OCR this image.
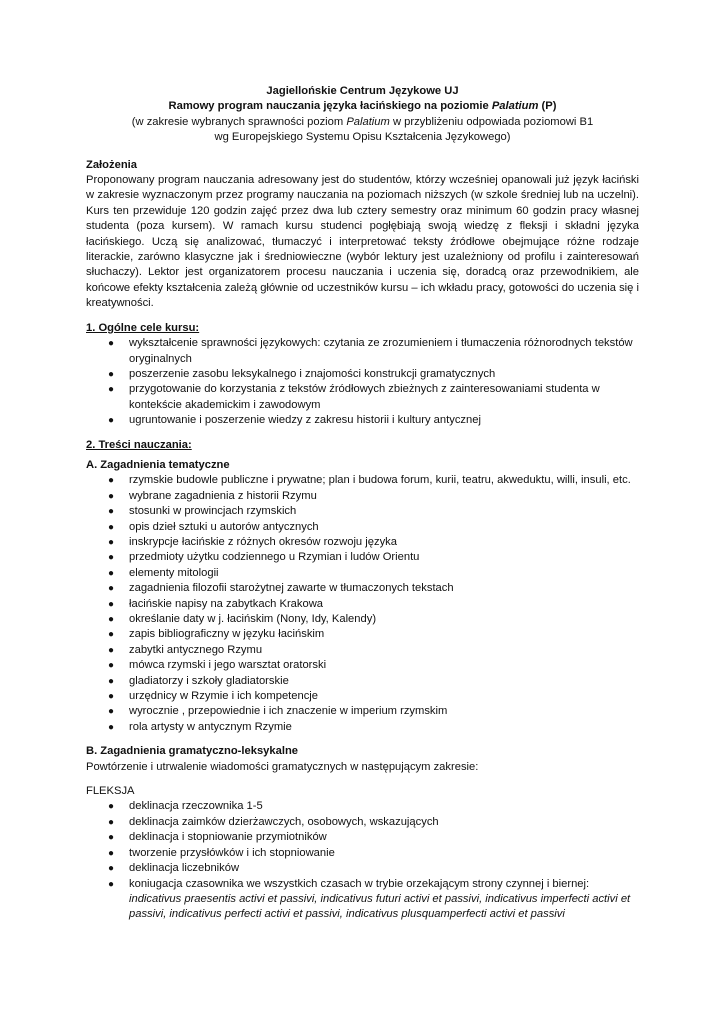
Jagiellońskie Centrum Językowe UJ
Ramowy program nauczania języka łacińskiego na poziomie Palatium (P)
(w zakresie wybranych sprawności poziom Palatium w przybliżeniu odpowiada poziomowi B1
wg Europejskiego Systemu Opisu Kształcenia Językowego)
Założenia

Proponowany program nauczania adresowany jest do studentów, którzy wcześniej opanowali już język łaciński w zakresie wyznaczonym przez programy nauczania na poziomach niższych (w szkole średniej lub na uczelni). Kurs ten przewiduje 120 godzin zajęć przez dwa lub cztery semestry oraz minimum 60 godzin pracy własnej studenta (poza kursem). W ramach kursu studenci pogłębiają swoją wiedzę z fleksji i składni języka łacińskiego. Uczą się analizować, tłumaczyć i interpretować teksty źródłowe obejmujące różne rodzaje literackie, zarówno klasyczne jak i średniowieczne (wybór lektury jest uzależniony od profilu i zainteresowań słuchaczy). Lektor jest organizatorem procesu nauczania i uczenia się, doradcą oraz przewodnikiem, ale końcowe efekty kształcenia zależą głównie od uczestników kursu – ich wkładu pracy, gotowości do uczenia się i kreatywności.

1. Ogólne cele kursu:
● wykształcenie sprawności językowych: czytania ze zrozumieniem i tłumaczenia różnorodnych tekstów oryginalnych
● poszerzenie zasobu leksykalnego i znajomości konstrukcji gramatycznych
● przygotowanie do korzystania z tekstów źródłowych zbieżnych z zainteresowaniami studenta w kontekście akademickim i zawodowym
● ugruntowanie i poszerzenie wiedzy z zakresu historii i kultury antycznej
2. Treści nauczania:
A. Zagadnienia tematyczne
● rzymskie budowle publiczne i prywatne; plan i budowa forum, kurii, teatru, akweduktu, willi, insuli, etc.
● wybrane zagadnienia z historii Rzymu
● stosunki w prowincjach rzymskich
● opis dzieł sztuki u autorów antycznych
● inskrypcje łacińskie z różnych okresów rozwoju języka
● przedmioty użytku codziennego u Rzymian i ludów Orientu
● elementy mitologii
● zagadnienia filozofii starożytnej zawarte w tłumaczonych tekstach
● łacińskie napisy na zabytkach Krakowa
● określanie daty w j. łacińskim (Nony, Idy, Kalendy)
● zapis bibliograficzny w języku łacińskim
● zabytki antycznego Rzymu
● mówca rzymski i jego warsztat oratorski
● gladiatorzy i szkoły gladiatorskie
● urzędnicy w Rzymie i ich kompetencje
● wyrocznie , przepowiednie i ich znaczenie w imperium rzymskim
● rola artysty w antycznym Rzymie
B. Zagadnienia gramatyczno-leksykalne

Powtórzenie i utrwalenie wiadomości gramatycznych w następującym zakresie:

FLEKSJA

● deklinacja rzeczownika 1-5
● deklinacja zaimków dzierżawczych, osobowych, wskazujących
● deklinacja i stopniowanie przymiotników
● tworzenie przysłówków i ich stopniowanie
● deklinacja liczebników
● koniugacja czasownika we wszystkich czasach w trybie orzekającym strony czynnej i biernej:
indicativus praesentis activi et passivi, indicativus futuri activi et passivi, indicativus imperfecti activi et passivi, indicativus perfecti activi et passivi, indicativus plusquamperfecti activi et passivi
